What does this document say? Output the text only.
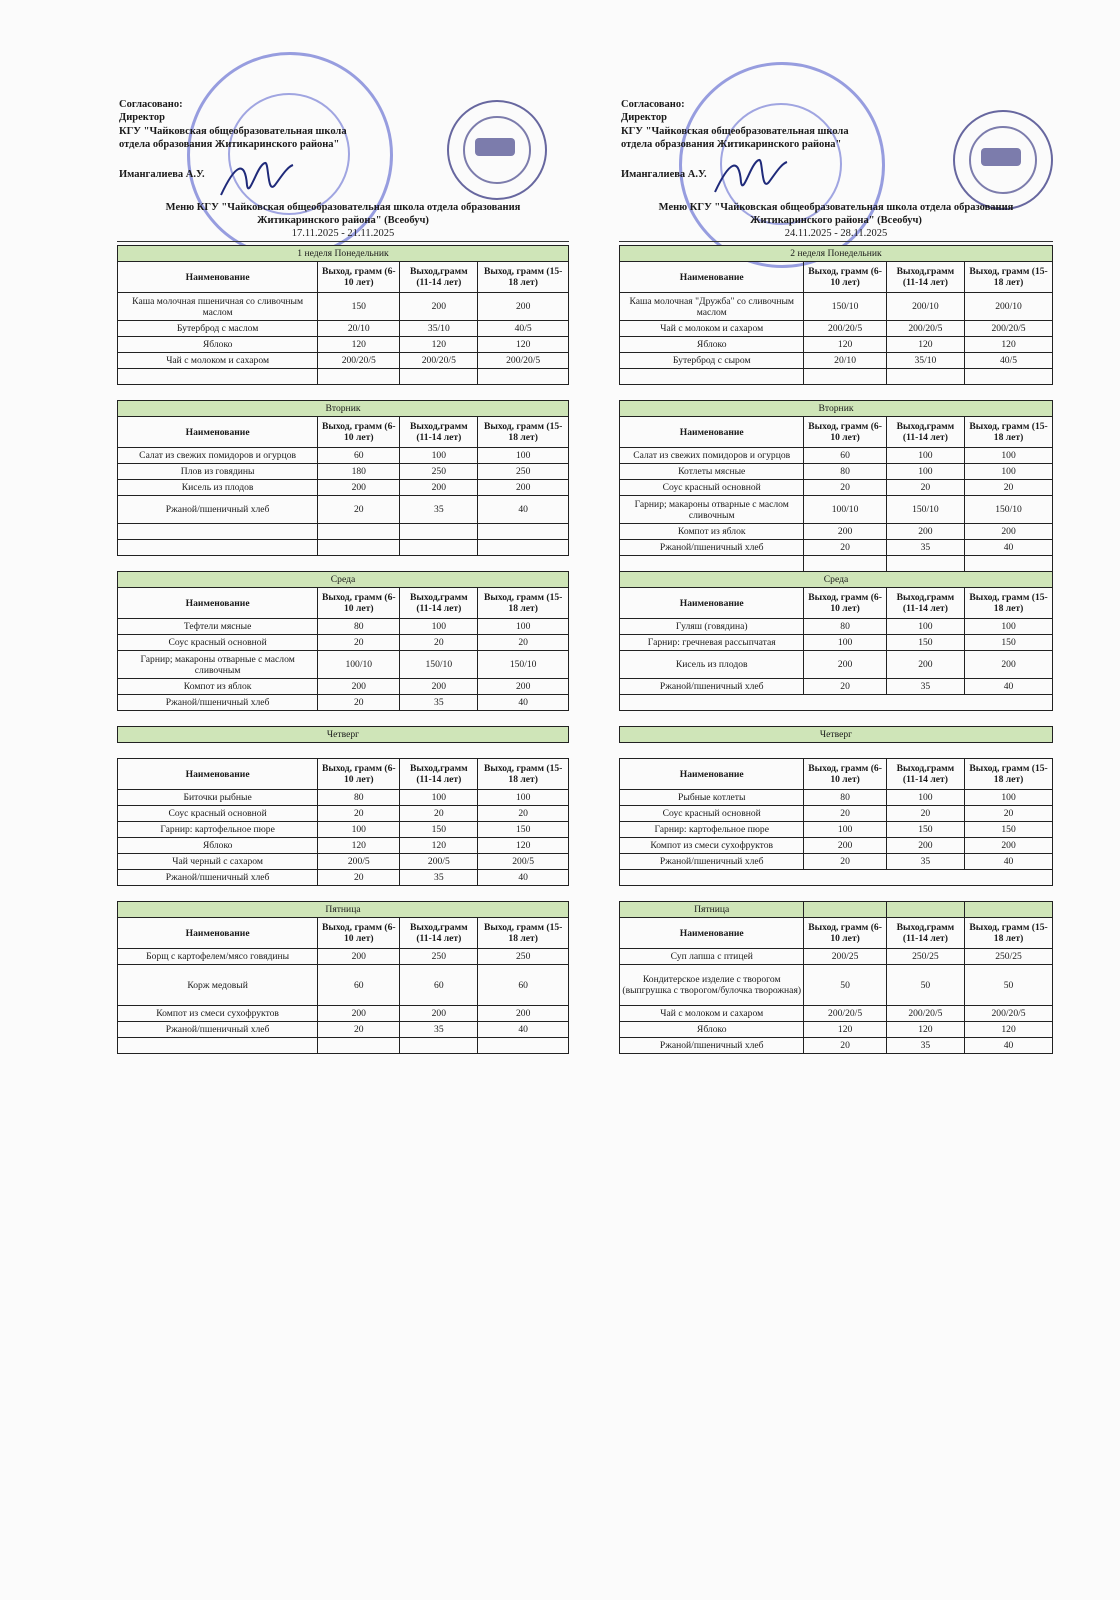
Согласовано:
Директор
КГУ "Чайковская общеобразовательная школа
отдела образования Житикаринского района"
Имангалиева А.У.
Меню КГУ "Чайковская общеобразовательная школа отдела образования
Житикаринского района" (Всеобуч)
17.11.2025 - 21.11.2025
1 неделя Понедельник			
Наименование	Выход, грамм (6-10 лет)	Выход,грамм (11-14 лет)	Выход, грамм (15-18 лет)
Каша молочная пшеничная со сливочным маслом	150	200	200
Бутерброд с маслом	20/10	35/10	40/5
Яблоко	120	120	120
Чай с молоком и сахаром	200/20/5	200/20/5	200/20/5

Вторник			
Наименование	Выход, грамм (6-10 лет)	Выход,грамм (11-14 лет)	Выход, грамм (15-18 лет)
Салат из свежих помидоров и огурцов	60	100	100
Плов из говядины	180	250	250
Кисель из плодов	200	200	200
Ржаной/пшеничный хлеб	20	35	40

Среда			
Наименование	Выход, грамм (6-10 лет)	Выход,грамм (11-14 лет)	Выход, грамм (15-18 лет)
Тефтели мясные	80	100	100
Соус красный основной	20	20	20
Гарнир; макароны отварные с маслом сливочным	100/10	150/10	150/10
Компот из яблок	200	200	200
Ржаной/пшеничный хлеб	20	35	40

Четверг			

Наименование	Выход, грамм (6-10 лет)	Выход,грамм (11-14 лет)	Выход, грамм (15-18 лет)
Биточки рыбные	80	100	100
Соус красный основной	20	20	20
Гарнир: картофельное пюре	100	150	150
Яблоко	120	120	120
Чай черный с сахаром	200/5	200/5	200/5
Ржаной/пшеничный хлеб	20	35	40

Пятница			
Наименование	Выход, грамм (6-10 лет)	Выход,грамм (11-14 лет)	Выход, грамм (15-18 лет)
Борщ с картофелем/мясо говядины	200	250	250
Корж медовый	60	60	60
Компот из смеси сухофруктов	200	200	200
Ржаной/пшеничный хлеб	20	35	40

Согласовано:
Директор
КГУ "Чайковская общеобразовательная школа
отдела образования Житикаринского района"
Имангалиева А.У.
Меню КГУ "Чайковская общеобразовательная школа отдела образования
Житикаринского района" (Всеобуч)
24.11.2025 - 28.11.2025
2 неделя Понедельник			
Наименование	Выход, грамм (6-10 лет)	Выход,грамм (11-14 лет)	Выход, грамм (15-18 лет)
Каша молочная "Дружба" со сливочным маслом	150/10	200/10	200/10
Чай с молоком и сахаром	200/20/5	200/20/5	200/20/5
Яблоко	120	120	120
Бутерброд с сыром	20/10	35/10	40/5

Вторник			
Наименование	Выход, грамм (6-10 лет)	Выход,грамм (11-14 лет)	Выход, грамм (15-18 лет)
Салат из свежих помидоров и огурцов	60	100	100
Котлеты мясные	80	100	100
Соус красный основной	20	20	20
Гарнир; макароны отварные с маслом сливочным	100/10	150/10	150/10
Компот из яблок	200	200	200
Ржаной/пшеничный хлеб	20	35	40

Среда			
Наименование	Выход, грамм (6-10 лет)	Выход,грамм (11-14 лет)	Выход, грамм (15-18 лет)
Гуляш (говядина)	80	100	100
Гарнир: гречневая рассыпчатая	100	150	150
Кисель из плодов	200	200	200
Ржаной/пшеничный хлеб	20	35	40

Четверг			

Наименование	Выход, грамм (6-10 лет)	Выход,грамм (11-14 лет)	Выход, грамм (15-18 лет)
Рыбные котлеты	80	100	100
Соус красный основной	20	20	20
Гарнир: картофельное пюре	100	150	150
Компот из смеси сухофруктов	200	200	200
Ржаной/пшеничный хлеб	20	35	40

Пятница			
Наименование	Выход, грамм (6-10 лет)	Выход,грамм (11-14 лет)	Выход, грамм (15-18 лет)
Суп лапша с птицей	200/25	250/25	250/25
Кондитерское изделие с творогом (выпгрушка с творогом/булочка творожная)	50	50	50
Чай с молоком и сахаром	200/20/5	200/20/5	200/20/5
Яблоко	120	120	120
Ржаной/пшеничный хлеб	20	35	40
